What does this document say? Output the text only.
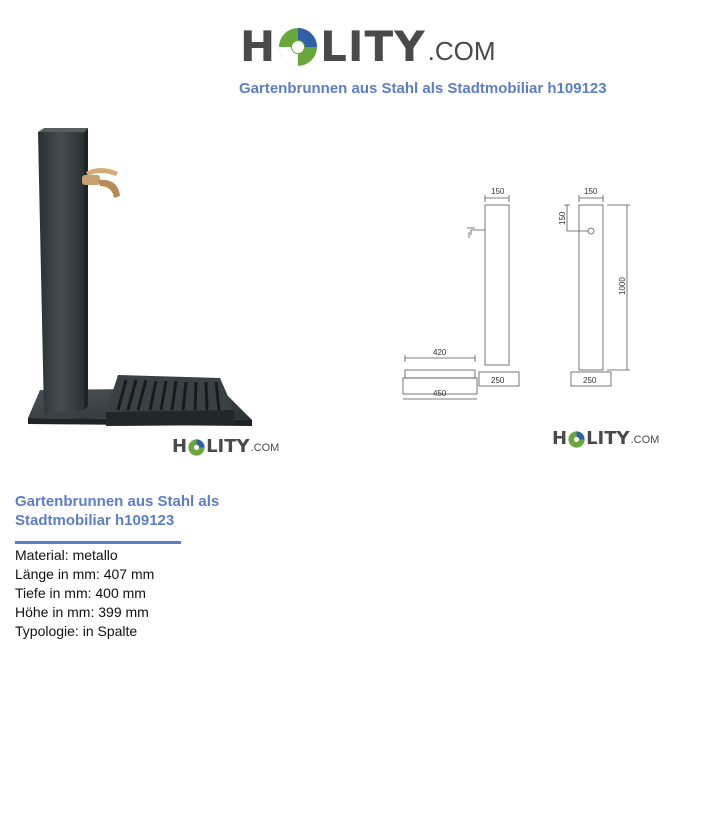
H LITY .COM
Gartenbrunnen aus Stahl als Stadtmobiliar h109123
H LITY .COM
150
420
450
250
150
150
1000
250
H LITY .COM
Gartenbrunnen aus Stahl als Stadtmobiliar h109123
Material: metallo
Länge in mm: 407 mm
Tiefe in mm: 400 mm
Höhe in mm: 399 mm
Typologie: in Spalte
